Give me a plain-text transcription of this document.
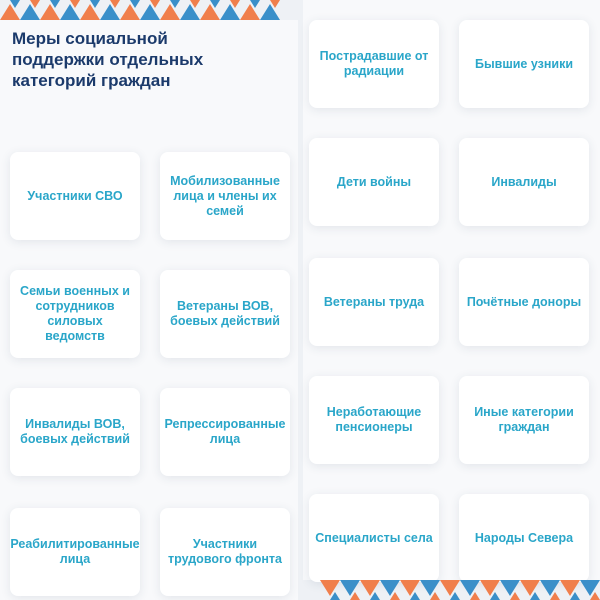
Меры социальной поддержки отдельных категорий граждан
Участники СВО
Мобилизованные лица и члены их семей
Семьи военных и сотрудников силовых ведомств
Ветераны ВОВ, боевых действий
Инвалиды ВОВ, боевых действий
Репрессированные лица
Реабилитированные лица
Участники трудового фронта
Пострадавшие от радиации
Бывшие узники
Дети войны	Инвалиды
Ветераны труда	Почётные доноры
Неработающие пенсионеры
Иные категории граждан
Специалисты села	Народы Севера
